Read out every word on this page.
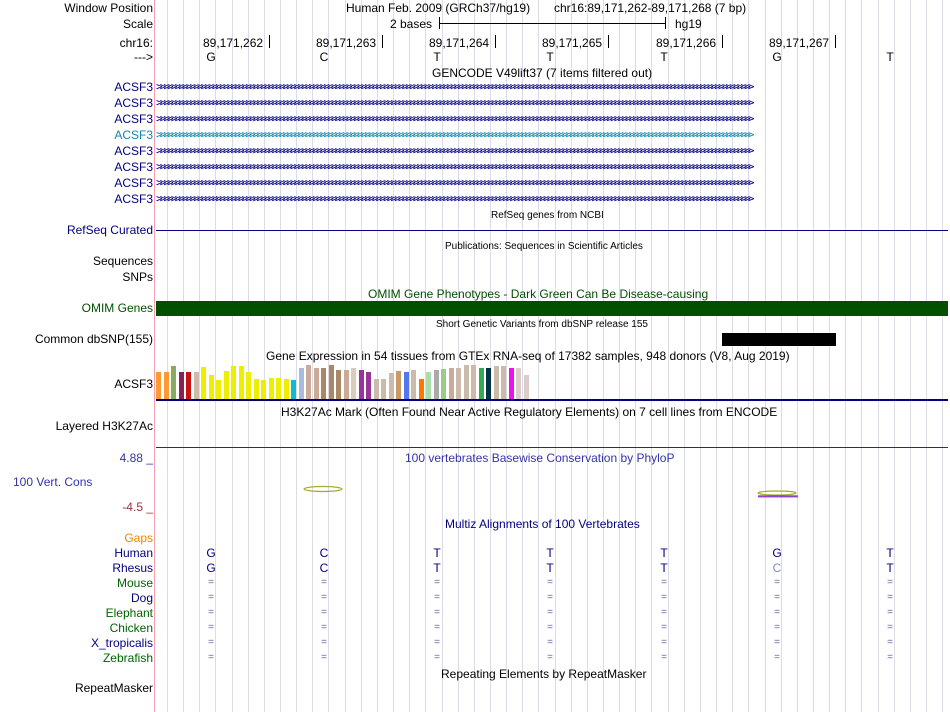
Window Position	Human Feb. 2009 (GRCh37/hg19) chr16:89,171,262-89,171,268 (7 bp)
Scale	2 bases	hg19
chr16:	89,171,262	89,171,263	89,171,264	89,171,265	89,171,266	89,171,267
--->	G	C	T	T	T	G	T
GENCODE V49lift37 (7 items filtered out)
ACSF3 >>>>>>>>>>>>>>>>>>>>>>>>>>>>>>>>>>>>>>>>>>>>>>>>>>>>>>>>>>>>>>>>>>>>>>>>>>>>>>>>>>>>>>>>>>>>>>>>>>>>>>>>>>>>>>>>>>>>>>>>>>>>>>>>>>>>>>>>>>>>>>>>>>>>>>>>>>>>>>>>
ACSF3 >>>>>>>>>>>>>>>>>>>>>>>>>>>>>>>>>>>>>>>>>>>>>>>>>>>>>>>>>>>>>>>>>>>>>>>>>>>>>>>>>>>>>>>>>>>>>>>>>>>>>>>>>>>>>>>>>>>>>>>>>>>>>>>>>>>>>>>>>>>>>>>>>>>>>>>>>>>>>>>>
ACSF3 >>>>>>>>>>>>>>>>>>>>>>>>>>>>>>>>>>>>>>>>>>>>>>>>>>>>>>>>>>>>>>>>>>>>>>>>>>>>>>>>>>>>>>>>>>>>>>>>>>>>>>>>>>>>>>>>>>>>>>>>>>>>>>>>>>>>>>>>>>>>>>>>>>>>>>>>>>>>>>>>
ACSF3 >>>>>>>>>>>>>>>>>>>>>>>>>>>>>>>>>>>>>>>>>>>>>>>>>>>>>>>>>>>>>>>>>>>>>>>>>>>>>>>>>>>>>>>>>>>>>>>>>>>>>>>>>>>>>>>>>>>>>>>>>>>>>>>>>>>>>>>>>>>>>>>>>>>>>>>>>>>>>>>>
ACSF3 >>>>>>>>>>>>>>>>>>>>>>>>>>>>>>>>>>>>>>>>>>>>>>>>>>>>>>>>>>>>>>>>>>>>>>>>>>>>>>>>>>>>>>>>>>>>>>>>>>>>>>>>>>>>>>>>>>>>>>>>>>>>>>>>>>>>>>>>>>>>>>>>>>>>>>>>>>>>>>>>
ACSF3 >>>>>>>>>>>>>>>>>>>>>>>>>>>>>>>>>>>>>>>>>>>>>>>>>>>>>>>>>>>>>>>>>>>>>>>>>>>>>>>>>>>>>>>>>>>>>>>>>>>>>>>>>>>>>>>>>>>>>>>>>>>>>>>>>>>>>>>>>>>>>>>>>>>>>>>>>>>>>>>>
ACSF3 >>>>>>>>>>>>>>>>>>>>>>>>>>>>>>>>>>>>>>>>>>>>>>>>>>>>>>>>>>>>>>>>>>>>>>>>>>>>>>>>>>>>>>>>>>>>>>>>>>>>>>>>>>>>>>>>>>>>>>>>>>>>>>>>>>>>>>>>>>>>>>>>>>>>>>>>>>>>>>>>
ACSF3 >>>>>>>>>>>>>>>>>>>>>>>>>>>>>>>>>>>>>>>>>>>>>>>>>>>>>>>>>>>>>>>>>>>>>>>>>>>>>>>>>>>>>>>>>>>>>>>>>>>>>>>>>>>>>>>>>>>>>>>>>>>>>>>>>>>>>>>>>>>>>>>>>>>>>>>>>>>>>>>>
RefSeq genes from NCBI
RefSeq Curated
Publications: Sequences in Scientific Articles
Sequences
SNPs
OMIM Gene Phenotypes - Dark Green Can Be Disease-causing
OMIM Genes
Short Genetic Variants from dbSNP release 155
Common dbSNP(155)
Gene Expression in 54 tissues from GTEx RNA-seq of 17382 samples, 948 donors (V8, Aug 2019)
ACSF3
H3K27Ac Mark (Often Found Near Active Regulatory Elements) on 7 cell lines from ENCODE
Layered H3K27Ac
100 vertebrates Basewise Conservation by PhyloP
4.88 _
100 Vert. Cons
-4.5 _
Multiz Alignments of 100 Vertebrates
Gaps
Human	G	C	T	T	T	G	T
Rhesus	G	C	T	T	T	C	T
Mouse	=	=	=	=	=	=	=
Dog	=	=	=	=	=	=	=
Elephant	=	=	=	=	=	=	=
Chicken	=	=	=	=	=	=	=
X_tropicalis	=	=	=	=	=	=	=
Zebrafish	=	=	=	=	=	=	=
Repeating Elements by RepeatMasker
RepeatMasker
